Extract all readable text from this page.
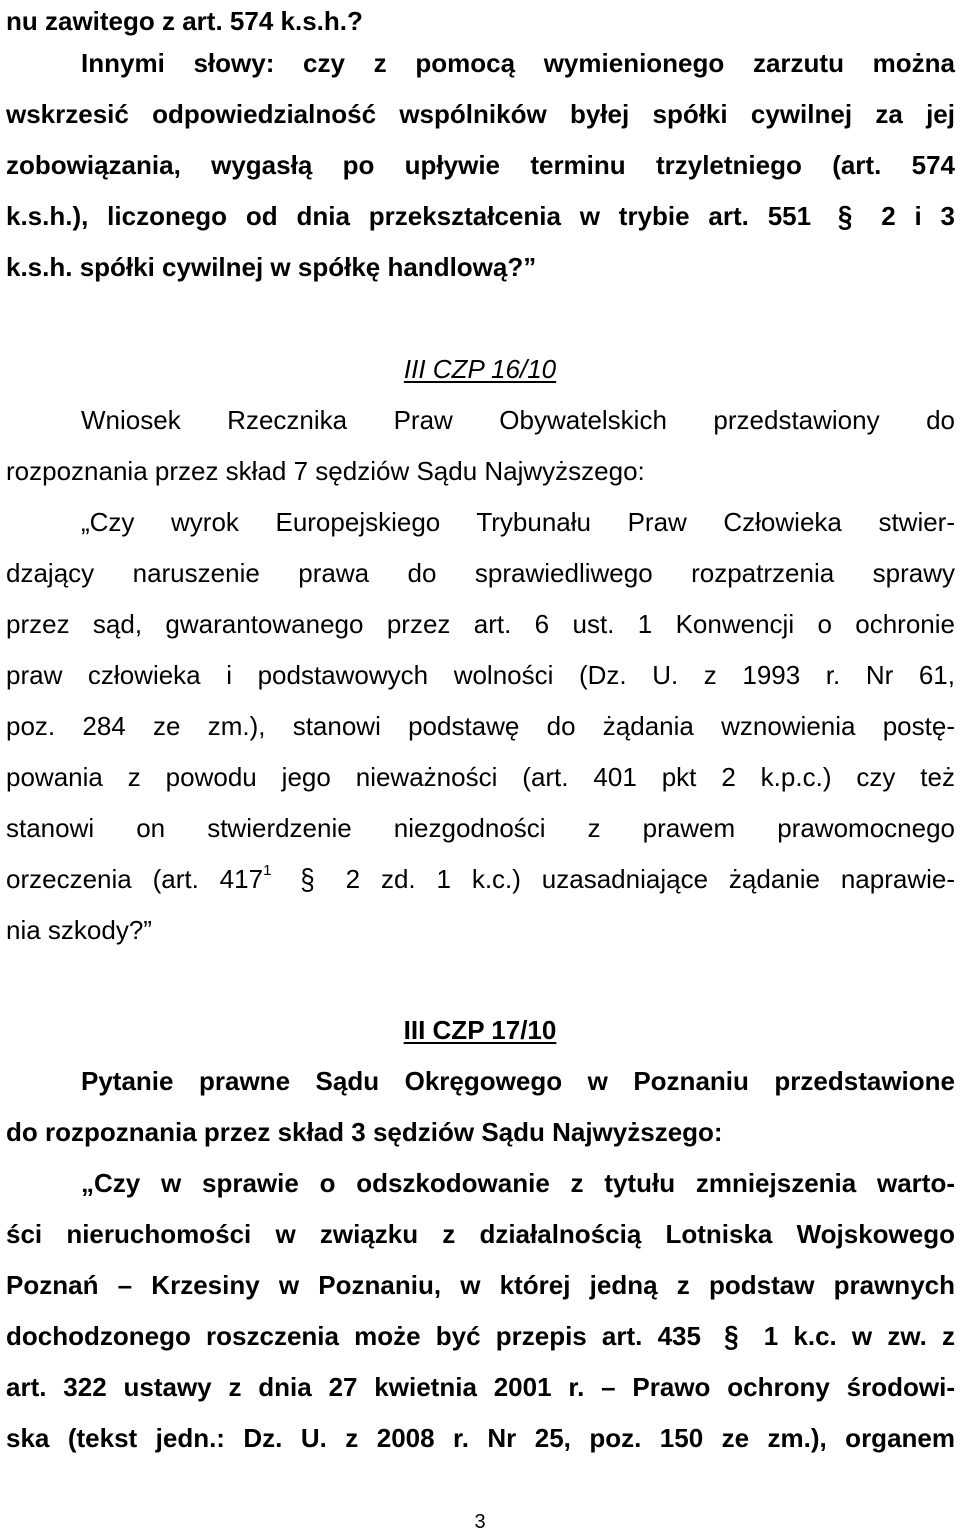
nu zawitego z art. 574 k.s.h.?
Innymi słowy: czy z pomocą wymienionego zarzutu można
wskrzesić odpowiedzialność wspólników byłej spółki cywilnej za jej
zobowiązania, wygasłą po upływie terminu trzyletniego (art. 574
k.s.h.), liczonego od dnia przekształcenia w trybie art. 551 § 2 i 3
k.s.h. spółki cywilnej w spółkę handlową?”
III CZP 16/10
Wniosek Rzecznika Praw Obywatelskich przedstawiony do
rozpoznania przez skład 7 sędziów Sądu Najwyższego:
„Czy wyrok Europejskiego Trybunału Praw Człowieka stwier-
dzający naruszenie prawa do sprawiedliwego rozpatrzenia sprawy
przez sąd, gwarantowanego przez art. 6 ust. 1 Konwencji o ochronie
praw człowieka i podstawowych wolności (Dz. U. z 1993 r. Nr 61,
poz. 284 ze zm.), stanowi podstawę do żądania wznowienia postę-
powania z powodu jego nieważności (art. 401 pkt 2 k.p.c.) czy też
stanowi on stwierdzenie niezgodności z prawem prawomocnego
orzeczenia (art. $417^1$ § 2 zd. 1 k.c.) uzasadniające żądanie naprawie-
nia szkody?”
III CZP 17/10
Pytanie prawne Sądu Okręgowego w Poznaniu przedstawione
do rozpoznania przez skład 3 sędziów Sądu Najwyższego:
„Czy w sprawie o odszkodowanie z tytułu zmniejszenia warto-
ści nieruchomości w związku z działalnością Lotniska Wojskowego
Poznań – Krzesiny w Poznaniu, w której jedną z podstaw prawnych
dochodzonego roszczenia może być przepis art. 435 § 1 k.c. w zw. z
art. 322 ustawy z dnia 27 kwietnia 2001 r. – Prawo ochrony środowi-
ska (tekst jedn.: Dz. U. z 2008 r. Nr 25, poz. 150 ze zm.), organem
3
